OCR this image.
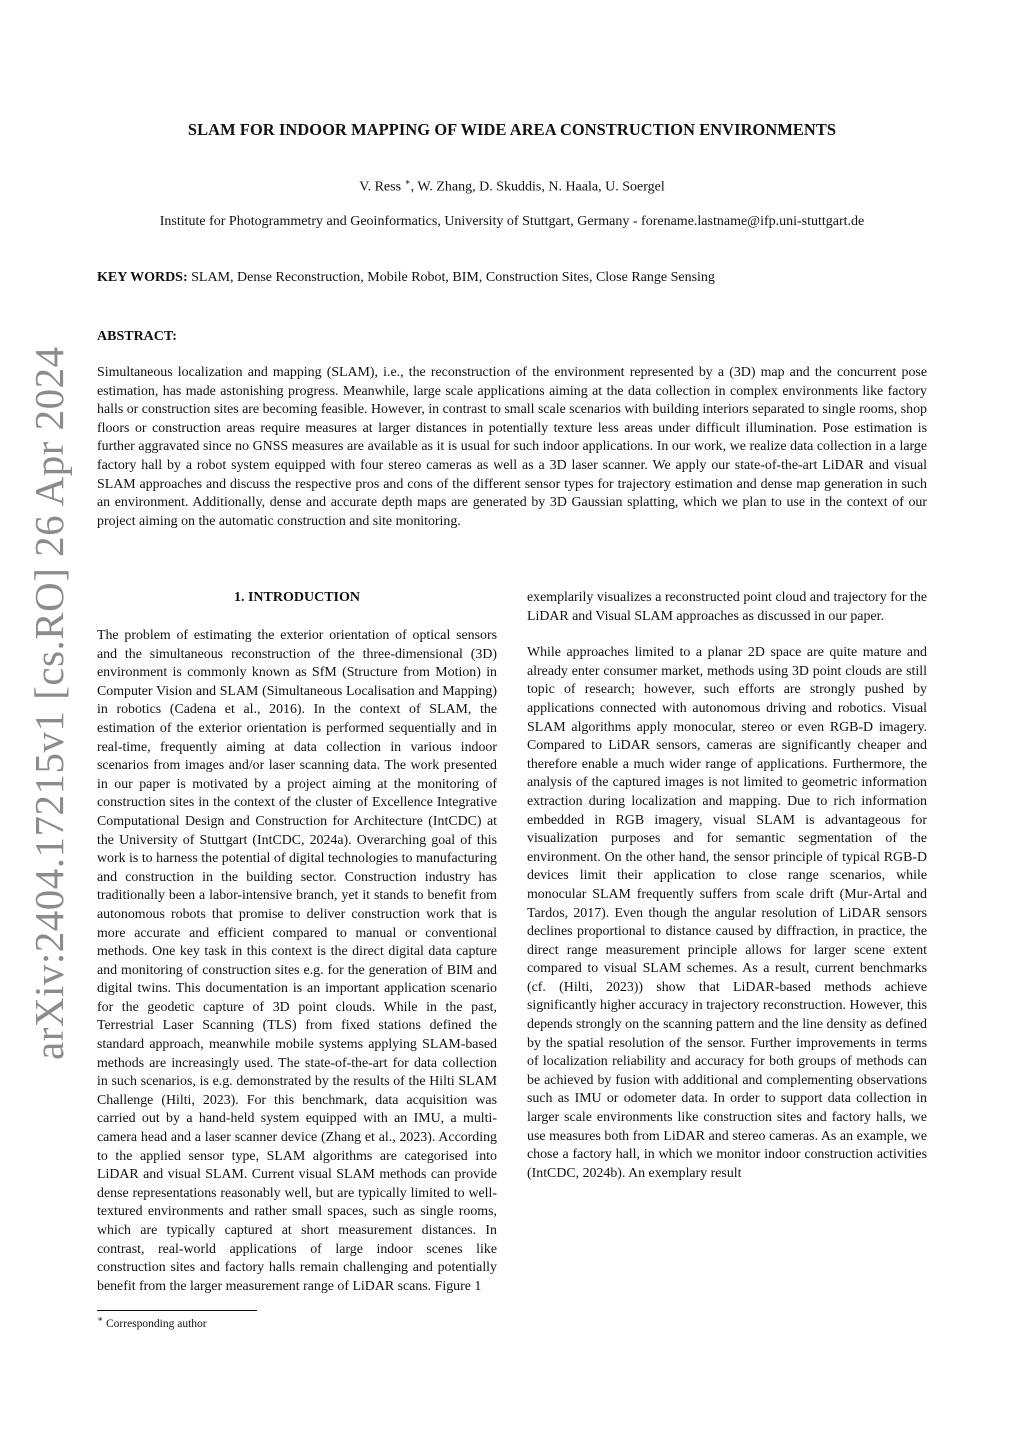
arXiv:2404.17215v1 [cs.RO] 26 Apr 2024
SLAM FOR INDOOR MAPPING OF WIDE AREA CONSTRUCTION ENVIRONMENTS
V. Ress ∗, W. Zhang, D. Skuddis, N. Haala, U. Soergel
Institute for Photogrammetry and Geoinformatics, University of Stuttgart, Germany - forename.lastname@ifp.uni-stuttgart.de
KEY WORDS: SLAM, Dense Reconstruction, Mobile Robot, BIM, Construction Sites, Close Range Sensing
ABSTRACT:
Simultaneous localization and mapping (SLAM), i.e., the reconstruction of the environment represented by a (3D) map and the concurrent pose estimation, has made astonishing progress. Meanwhile, large scale applications aiming at the data collection in complex environments like factory halls or construction sites are becoming feasible. However, in contrast to small scale scenarios with building interiors separated to single rooms, shop floors or construction areas require measures at larger distances in potentially texture less areas under difficult illumination. Pose estimation is further aggravated since no GNSS measures are available as it is usual for such indoor applications. In our work, we realize data collection in a large factory hall by a robot system equipped with four stereo cameras as well as a 3D laser scanner. We apply our state-of-the-art LiDAR and visual SLAM approaches and discuss the respective pros and cons of the different sensor types for trajectory estimation and dense map generation in such an environment. Additionally, dense and accurate depth maps are generated by 3D Gaussian splatting, which we plan to use in the context of our project aiming on the automatic construction and site monitoring.
1. INTRODUCTION

The problem of estimating the exterior orientation of optical sensors and the simultaneous reconstruction of the three-dimensional (3D) environment is commonly known as SfM (Structure from Motion) in Computer Vision and SLAM (Simultaneous Localisation and Mapping) in robotics (Cadena et al., 2016). In the context of SLAM, the estimation of the exterior orientation is performed sequentially and in real-time, frequently aiming at data collection in various indoor scenarios from images and/or laser scanning data. The work presented in our paper is motivated by a project aiming at the monitoring of construction sites in the context of the cluster of Excellence Integrative Computational Design and Construction for Architecture (IntCDC) at the University of Stuttgart (IntCDC, 2024a). Overarching goal of this work is to harness the potential of digital technologies to manufacturing and construction in the building sector. Construction industry has traditionally been a labor-intensive branch, yet it stands to benefit from autonomous robots that promise to deliver construction work that is more accurate and efficient compared to manual or conventional methods. One key task in this context is the direct digital data capture and monitoring of construction sites e.g. for the generation of BIM and digital twins. This documentation is an important application scenario for the geodetic capture of 3D point clouds. While in the past, Terrestrial Laser Scanning (TLS) from fixed stations defined the standard approach, meanwhile mobile systems applying SLAM-based methods are increasingly used. The state-of-the-art for data collection in such scenarios, is e.g. demonstrated by the results of the Hilti SLAM Challenge (Hilti, 2023). For this benchmark, data acquisition was carried out by a hand-held system equipped with an IMU, a multi-camera head and a laser scanner device (Zhang et al., 2023). According to the applied sensor type, SLAM algorithms are categorised into LiDAR and visual SLAM. Current visual SLAM methods can provide dense representations reasonably well, but are typically limited to well-textured environments and rather small spaces, such as single rooms, which are typically captured at short measurement distances. In contrast, real-world applications of large indoor scenes like construction sites and factory halls remain challenging and potentially benefit from the larger measurement range of LiDAR scans. Figure 1

exemplarily visualizes a reconstructed point cloud and trajectory for the LiDAR and Visual SLAM approaches as discussed in our paper.

While approaches limited to a planar 2D space are quite mature and already enter consumer market, methods using 3D point clouds are still topic of research; however, such efforts are strongly pushed by applications connected with autonomous driving and robotics. Visual SLAM algorithms apply monocular, stereo or even RGB-D imagery. Compared to LiDAR sensors, cameras are significantly cheaper and therefore enable a much wider range of applications. Furthermore, the analysis of the captured images is not limited to geometric information extraction during localization and mapping. Due to rich information embedded in RGB imagery, visual SLAM is advantageous for visualization purposes and for semantic segmentation of the environment. On the other hand, the sensor principle of typical RGB-D devices limit their application to close range scenarios, while monocular SLAM frequently suffers from scale drift (Mur-Artal and Tardos, 2017). Even though the angular resolution of LiDAR sensors declines proportional to distance caused by diffraction, in practice, the direct range measurement principle allows for larger scene extent compared to visual SLAM schemes. As a result, current benchmarks (cf. (Hilti, 2023)) show that LiDAR-based methods achieve significantly higher accuracy in trajectory reconstruction. However, this depends strongly on the scanning pattern and the line density as defined by the spatial resolution of the sensor. Further improvements in terms of localization reliability and accuracy for both groups of methods can be achieved by fusion with additional and complementing observations such as IMU or odometer data. In order to support data collection in larger scale environments like construction sites and factory halls, we use measures both from LiDAR and stereo cameras. As an example, we chose a factory hall, in which we monitor indoor construction activities (IntCDC, 2024b). An exemplary result

∗ Corresponding author
